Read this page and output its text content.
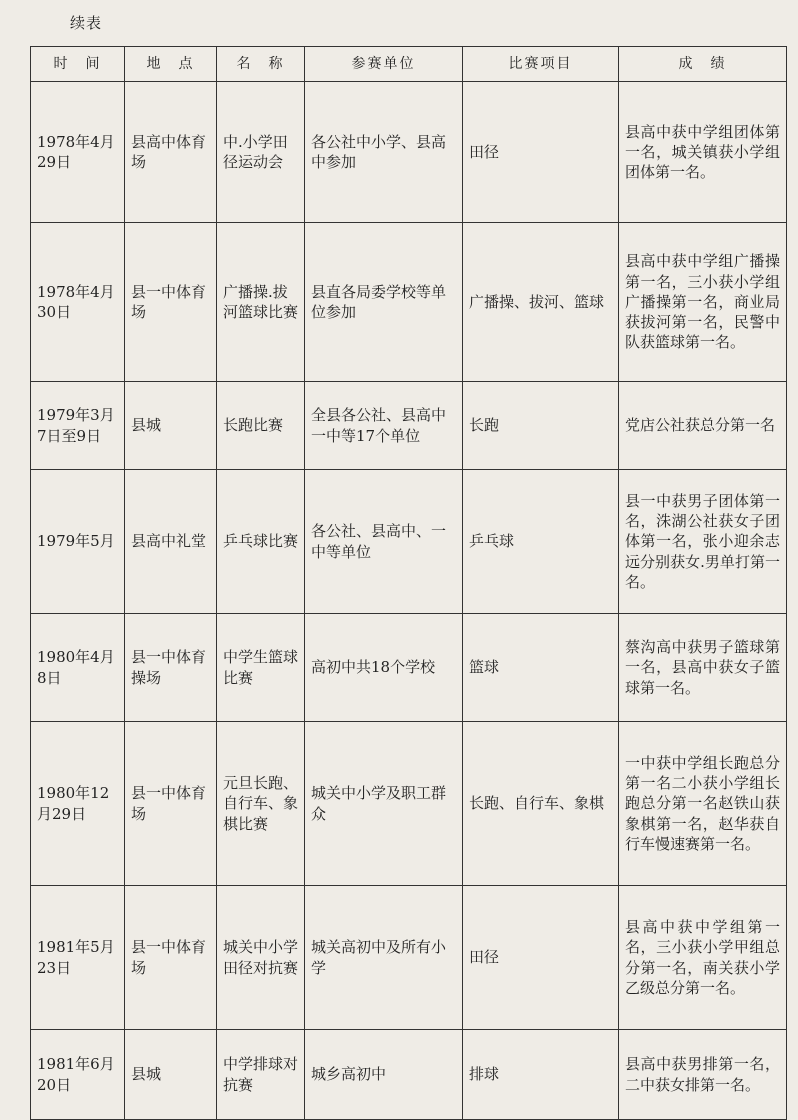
续表
时　间	地　点	名　称	参赛单位	比赛项目	成　绩
1978年4月29日	县高中体育场	中.小学田径运动会	各公社中小学、县高中参加	田径	县高中获中学组团体第一名，城关镇获小学组团体第一名。
1978年4月30日	县一中体育场	广播操.拔河篮球比赛	县直各局委学校等单位参加	广播操、拔河、篮球	县高中获中学组广播操第一名，三小获小学组广播操第一名，商业局获拔河第一名，民警中队获篮球第一名。
1979年3月7日至9日	县城	长跑比赛	全县各公社、县高中一中等17个单位	长跑	党店公社获总分第一名
1979年5月	县高中礼堂	乒乓球比赛	各公社、县高中、一中等单位	乒乓球	县一中获男子团体第一名，洙湖公社获女子团体第一名，张小迎余志远分别获女.男单打第一名。
1980年4月8日	县一中体育操场	中学生篮球比赛	高初中共18个学校	篮球	蔡沟高中获男子篮球第一名，县高中获女子篮球第一名。
1980年12月29日	县一中体育场	元旦长跑、自行车、象棋比赛	城关中小学及职工群众	长跑、自行车、象棋	一中获中学组长跑总分第一名二小获小学组长跑总分第一名赵铁山获象棋第一名，赵华获自行车慢速赛第一名。
1981年5月23日	县一中体育场	城关中小学田径对抗赛	城关高初中及所有小学	田径	县高中获中学组第一名，三小获小学甲组总分第一名，南关获小学乙级总分第一名。
1981年6月20日	县城	中学排球对抗赛	城乡高初中	排球	县高中获男排第一名，二中获女排第一名。
